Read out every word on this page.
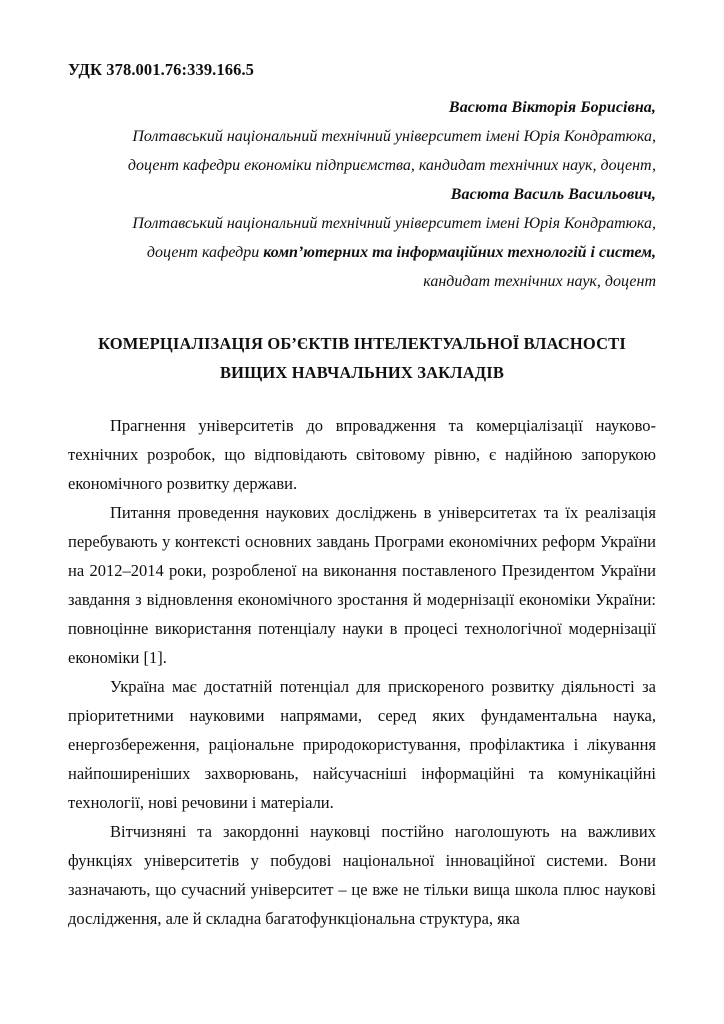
УДК 378.001.76:339.166.5
Васюта Вікторія Борисівна,
Полтавський національний технічний університет імені Юрія Кондратюка,
доцент кафедри економіки підприємства, кандидат технічних наук, доцент,
Васюта Василь Васильович,
Полтавський національний технічний університет імені Юрія Кондратюка,
доцент кафедри комп’ютерних та інформаційних технологій і систем,
кандидат технічних наук, доцент
КОМЕРЦІАЛІЗАЦІЯ ОБ’ЄКТІВ ІНТЕЛЕКТУАЛЬНОЇ ВЛАСНОСТІ
ВИЩИХ НАВЧАЛЬНИХ ЗАКЛАДІВ

Прагнення університетів до впровадження та комерціалізації науково-технічних розробок, що відповідають світовому рівню, є надійною запорукою економічного розвитку держави.

Питання проведення наукових досліджень в університетах та їх реалізація перебувають у контексті основних завдань Програми економічних реформ України на 2012–2014 роки, розробленої на виконання поставленого Президентом України завдання з відновлення економічного зростання й модернізації економіки України: повноцінне використання потенціалу науки в процесі технологічної модернізації економіки [1].

Україна має достатній потенціал для прискореного розвитку діяльності за пріоритетними науковими напрямами, серед яких фундаментальна наука, енергозбереження, раціональне природокористування, профілактика і лікування найпоширеніших захворювань, найсучасніші інформаційні та комунікаційні технології, нові речовини і матеріали.

Вітчизняні та закордонні науковці постійно наголошують на важливих функціях університетів у побудові національної інноваційної системи. Вони зазначають, що сучасний університет – це вже не тільки вища школа плюс наукові дослідження, але й складна багатофункціональна структура, яка
